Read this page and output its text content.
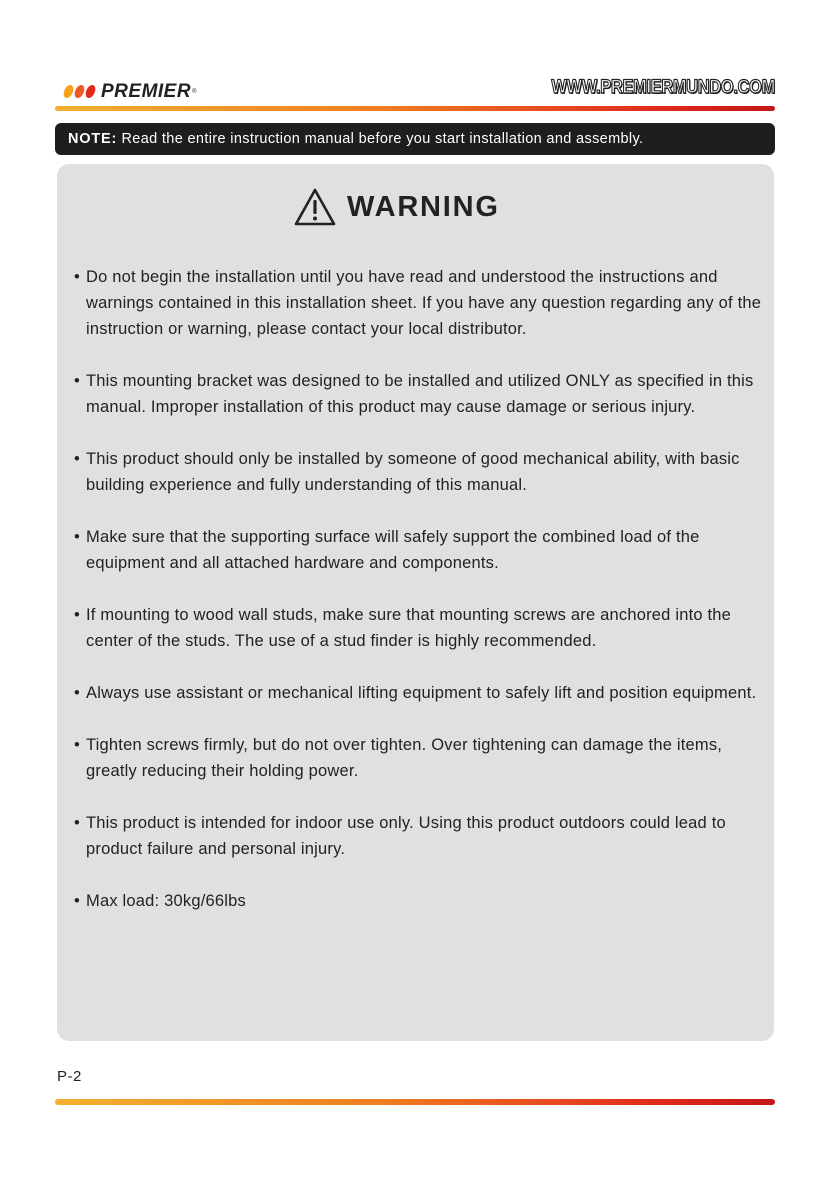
PREMIER ®	WWW.PREMIERMUNDO.COM
NOTE: Read the entire instruction manual before you start installation and assembly.
WARNING
• Do not begin the installation until you have read and understood the instructions and warnings contained in this installation sheet. If you have any question regarding any of the instruction or warning, please contact your local distributor.
• This mounting bracket was designed to be installed and utilized ONLY as specified in this manual. Improper installation of this product may cause damage or serious injury.
• This product should only be installed by someone of good mechanical ability, with basic building experience and fully understanding of this manual.
• Make sure that the supporting surface will safely support the combined load of the equipment and all attached hardware and components.
• If mounting to wood wall studs, make sure that mounting screws are anchored into the center of the studs. The use of a stud finder is highly recommended.
• Always use assistant or mechanical lifting equipment to safely lift and position equipment.
• Tighten screws firmly, but do not over tighten. Over tightening can damage the items, greatly reducing their holding power.
• This product is intended for indoor use only. Using this product outdoors could lead to product failure and personal injury.
• Max load: 30kg/66lbs
P-2
